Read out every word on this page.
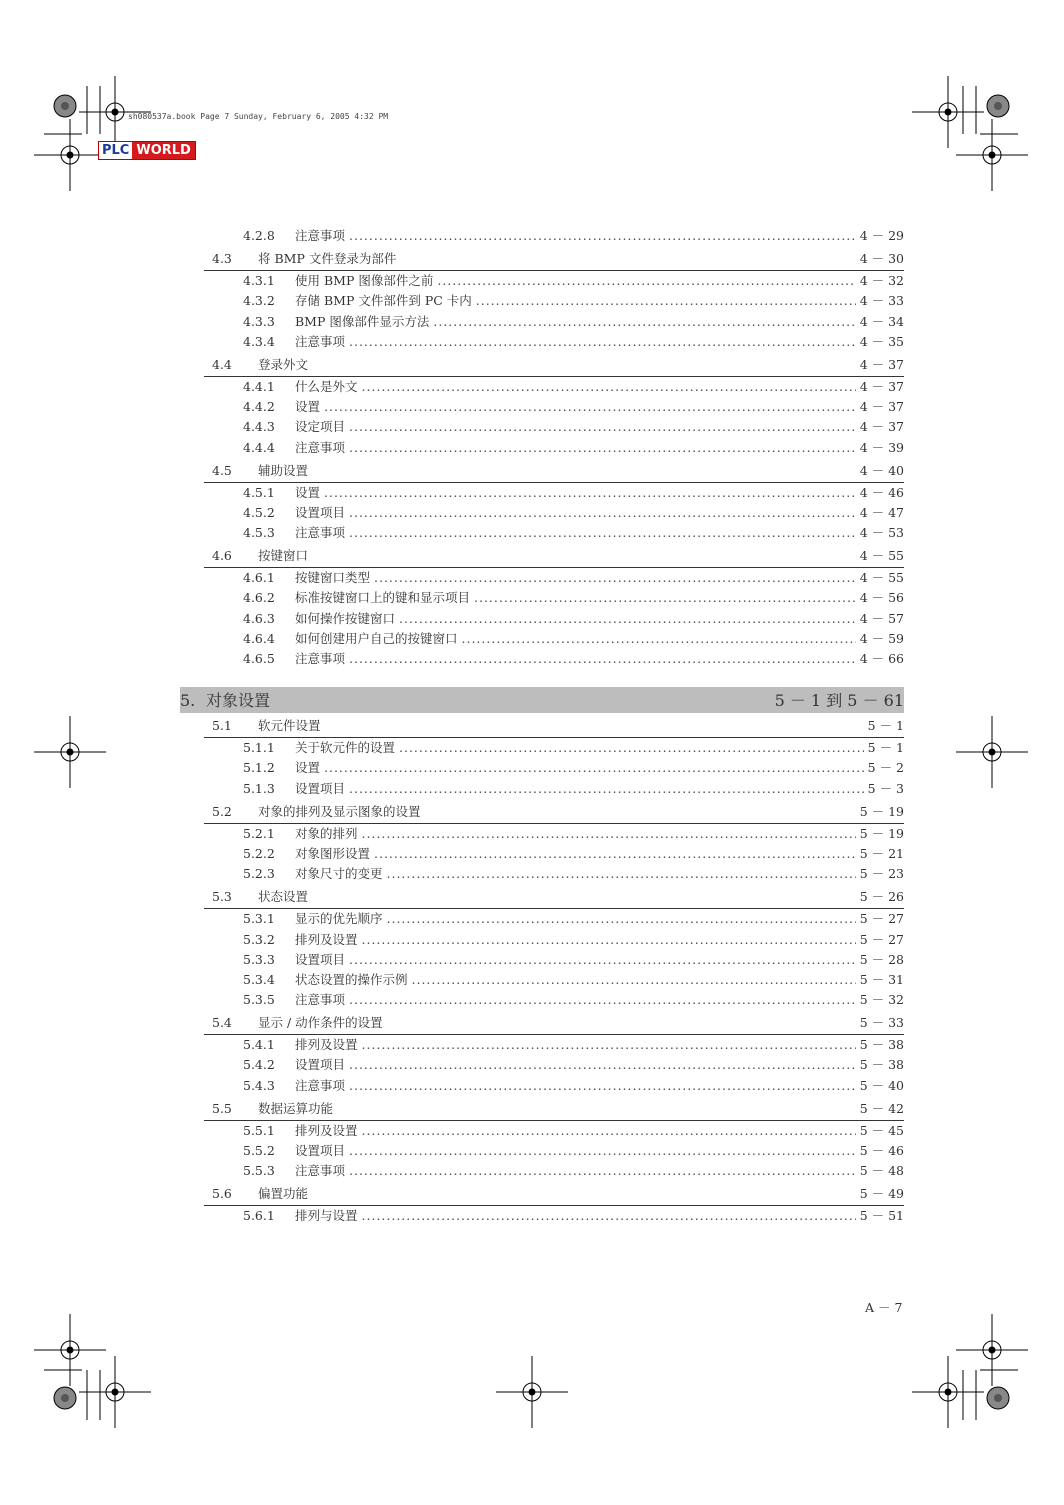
sh080537a.book Page 7 Sunday, February 6, 2005 4:32 PM
PLC WORLD
4.2.8	注意事项 .....	4 － 29
4.3	将 BMP 文件登录为部件	4 － 30
4.3.1	使用 BMP 图像部件之前 .....	4 － 32
4.3.2	存储 BMP 文件部件到 PC 卡内 .....	4 － 33
4.3.3	BMP 图像部件显示方法 .....	4 － 34
4.3.4	注意事项 .....	4 － 35
4.4	登录外文	4 － 37
4.4.1	什么是外文 .....	4 － 37
4.4.2	设置 .....	4 － 37
4.4.3	设定项目 .....	4 － 37
4.4.4	注意事项 .....	4 － 39
4.5	辅助设置	4 － 40
4.5.1	设置 .....	4 － 46
4.5.2	设置项目 .....	4 － 47
4.5.3	注意事项 .....	4 － 53
4.6	按键窗口	4 － 55
4.6.1	按键窗口类型 .....	4 － 55
4.6.2	标准按键窗口上的键和显示项目 .....	4 － 56
4.6.3	如何操作按键窗口 .....	4 － 57
4.6.4	如何创建用户自己的按键窗口 .....	4 － 59
4.6.5	注意事项 .....	4 － 66
5. 对象设置	5 － 1 到 5 － 61
5.1	软元件设置	5 － 1
5.1.1	关于软元件的设置 .....	5 － 1
5.1.2	设置 .....	5 － 2
5.1.3	设置项目 .....	5 － 3
5.2	对象的排列及显示图象的设置	5 － 19
5.2.1	对象的排列 .....	5 － 19
5.2.2	对象图形设置 .....	5 － 21
5.2.3	对象尺寸的变更 .....	5 － 23
5.3	状态设置	5 － 26
5.3.1	显示的优先顺序 .....	5 － 27
5.3.2	排列及设置 .....	5 － 27
5.3.3	设置项目 .....	5 － 28
5.3.4	状态设置的操作示例 .....	5 － 31
5.3.5	注意事项 .....	5 － 32
5.4	显示 / 动作条件的设置	5 － 33
5.4.1	排列及设置 .....	5 － 38
5.4.2	设置项目 .....	5 － 38
5.4.3	注意事项 .....	5 － 40
5.5	数据运算功能	5 － 42
5.5.1	排列及设置 .....	5 － 45
5.5.2	设置项目 .....	5 － 46
5.5.3	注意事项 .....	5 － 48
5.6	偏置功能	5 － 49
5.6.1	排列与设置 .....	5 － 51
A － 7
